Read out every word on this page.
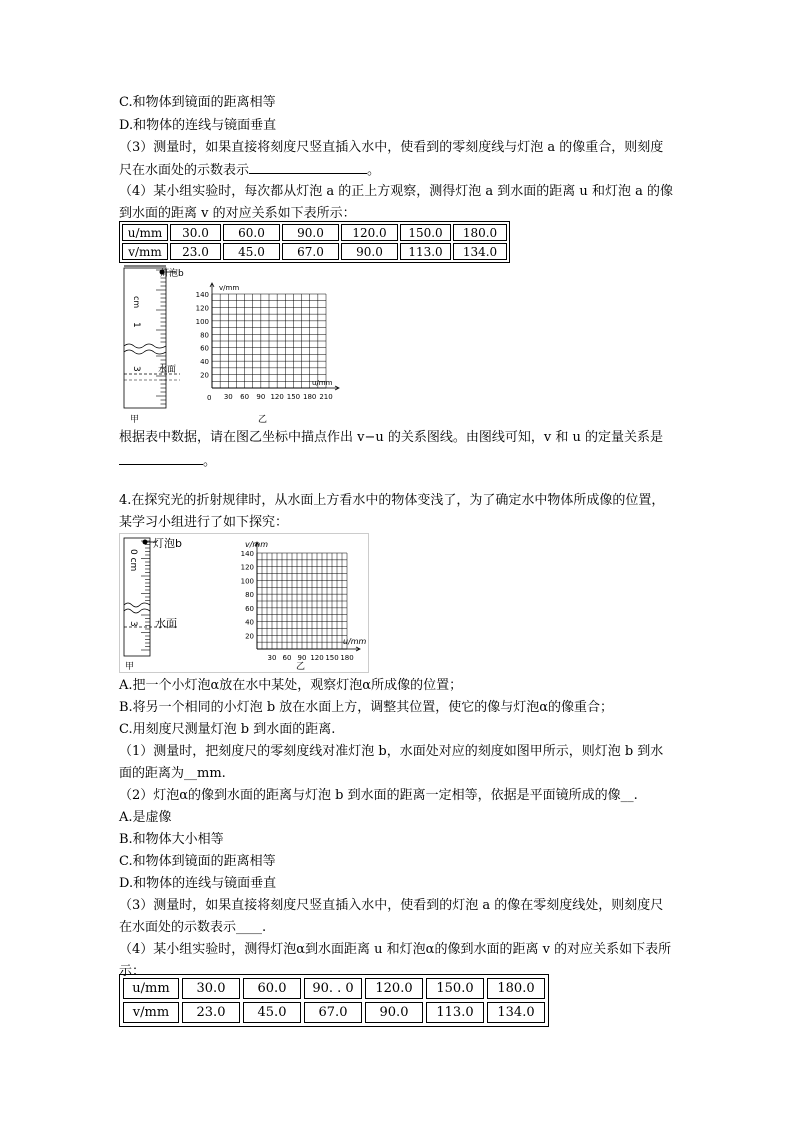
C.和物体到镜面的距离相等
D.和物体的连线与镜面垂直
（3）测量时，如果直接将刻度尺竖直插入水中，使看到的零刻度线与灯泡 a 的像重合，则刻度
尺在水面处的示数表示	。
（4）某小组实验时，每次都从灯泡 a 的正上方观察，测得灯泡 a 到水面的距离 u 和灯泡 a 的像
到水面的距离 v 的对应关系如下表所示：
u/mm	30.0	60.0	90.0	120.0	150.0	180.0
v/mm	23.0	45.0	67.0	90.0	113.0	134.0
cm
1
3
灯泡b
水面
甲
140
120
100
80
60
40
20
30 60 90 120 150 180 210
v/mm
u/mm
0
乙
根据表中数据，请在图乙坐标中描点作出 v−u 的关系图线。由图线可知，v 和 u 的定量关系是
。
4.在探究光的折射规律时，从水面上方看水中的物体变浅了，为了确定水中物体所成像的位置，
某学习小组进行了如下探究：
0 cm
3
灯泡b
水面
甲
140
120
100
80
60
40
20
30 60 90 120 150 180
v/mm
u/mm
乙
A.把一个小灯泡α放在水中某处，观察灯泡α所成像的位置；
B.将另一个相同的小灯泡 b 放在水面上方，调整其位置，使它的像与灯泡α的像重合；
C.用刻度尺测量灯泡 b 到水面的距离.
（1）测量时，把刻度尺的零刻度线对准灯泡 b，水面处对应的刻度如图甲所示，则灯泡 b 到水
面的距离为__mm.
（2）灯泡α的像到水面的距离与灯泡 b 到水面的距离一定相等，依据是平面镜所成的像__.
A.是虚像
B.和物体大小相等
C.和物体到镜面的距离相等
D.和物体的连线与镜面垂直
（3）测量时，如果直接将刻度尺竖直插入水中，使看到的灯泡 a 的像在零刻度线处，则刻度尺
在水面处的示数表示____.
（4）某小组实验时，测得灯泡α到水面距离 u 和灯泡α的像到水面的距离 v 的对应关系如下表所
示：
u/mm	30.0	60.0	90. . 0	120.0	150.0	180.0
v/mm	23.0	45.0	67.0	90.0	113.0	134.0
